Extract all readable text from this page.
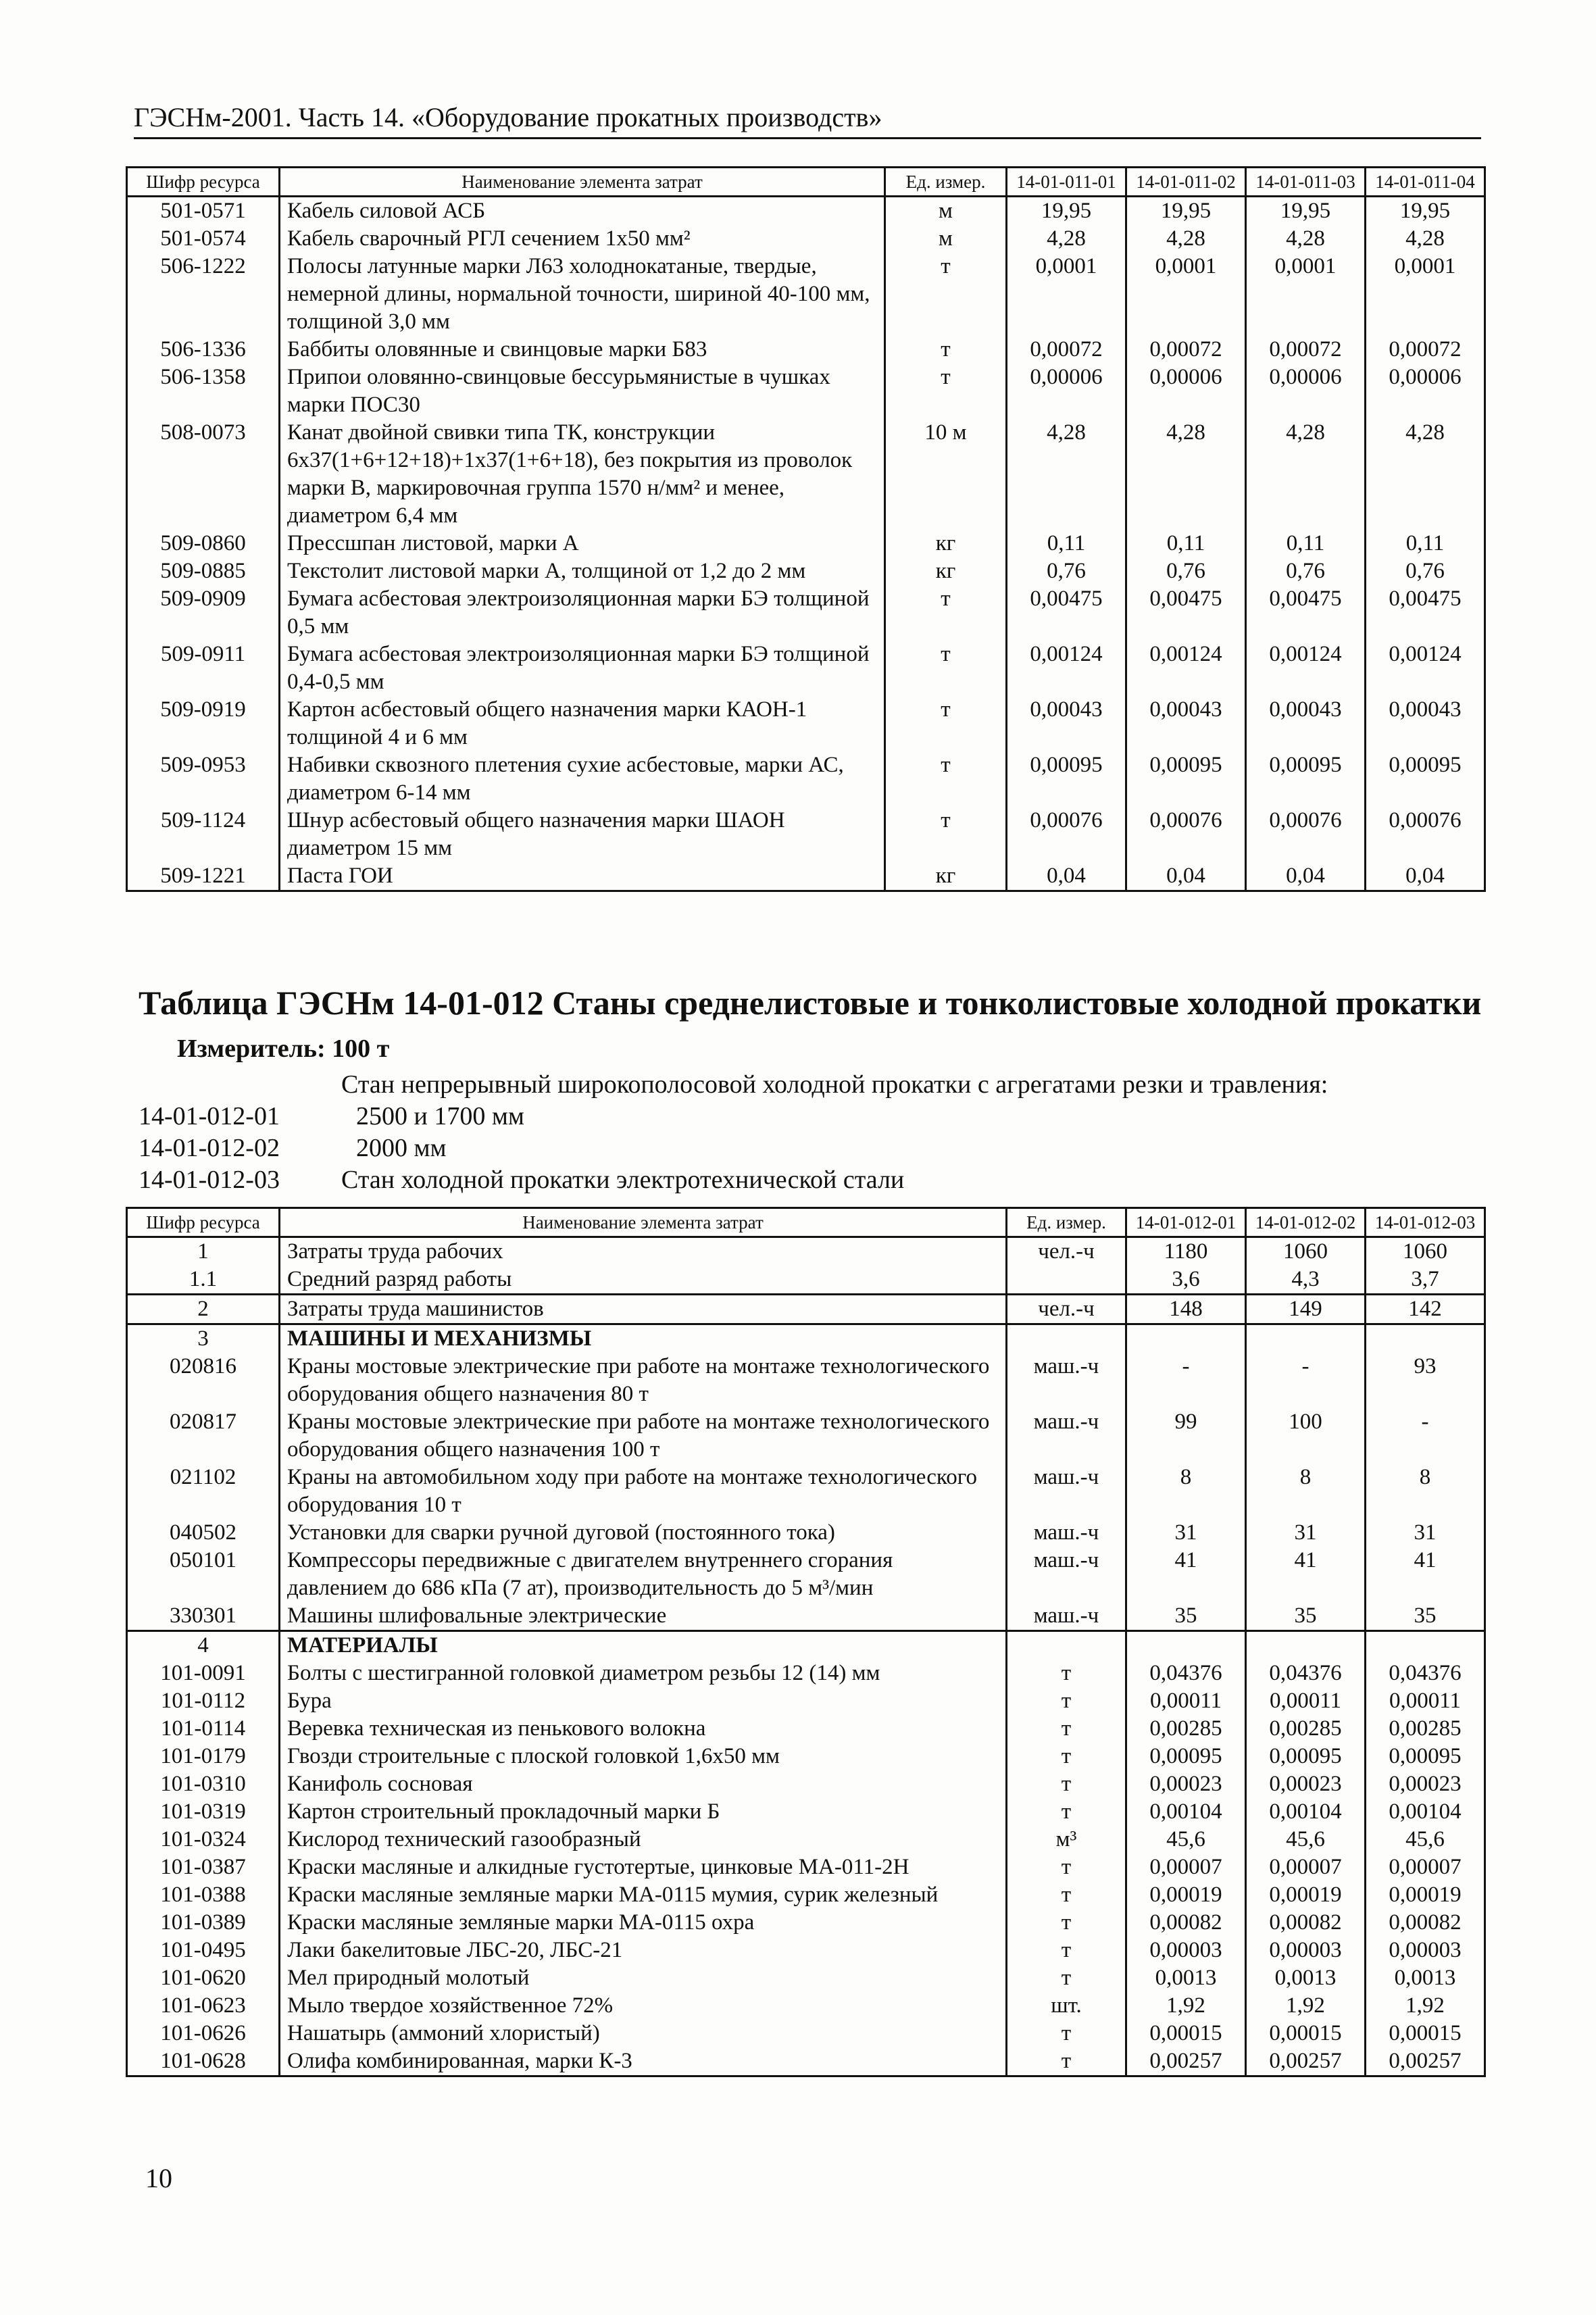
ГЭСНм-2001. Часть 14. «Оборудование прокатных производств»
Шифр ресурса	Наименование элемента затрат	Ед. измер.	14-01-011-01	14-01-011-02	14-01-011-03	14-01-011-04
501-0571	Кабель силовой АСБ	м	19,95	19,95	19,95	19,95
501-0574	Кабель сварочный РГЛ сечением 1х50 мм²	м	4,28	4,28	4,28	4,28
506-1222	Полосы латунные марки Л63 холоднокатаные, твердые, немерной длины, нормальной точности, шириной 40-100 мм, толщиной 3,0 мм	т	0,0001	0,0001	0,0001	0,0001
506-1336	Баббиты оловянные и свинцовые марки Б83	т	0,00072	0,00072	0,00072	0,00072
506-1358	Припои оловянно-свинцовые бессурьмянистые в чушках марки ПОС30	т	0,00006	0,00006	0,00006	0,00006
508-0073	Канат двойной свивки типа ТК, конструкции 6х37(1+6+12+18)+1х37(1+6+18), без покрытия из проволок марки В, маркировочная группа 1570 н/мм² и менее, диаметром 6,4 мм	10 м	4,28	4,28	4,28	4,28
509-0860	Прессшпан листовой, марки А	кг	0,11	0,11	0,11	0,11
509-0885	Текстолит листовой марки А, толщиной от 1,2 до 2 мм	кг	0,76	0,76	0,76	0,76
509-0909	Бумага асбестовая электроизоляционная марки БЭ толщиной 0,5 мм	т	0,00475	0,00475	0,00475	0,00475
509-0911	Бумага асбестовая электроизоляционная марки БЭ толщиной 0,4-0,5 мм	т	0,00124	0,00124	0,00124	0,00124
509-0919	Картон асбестовый общего назначения марки КАОН-1 толщиной 4 и 6 мм	т	0,00043	0,00043	0,00043	0,00043
509-0953	Набивки сквозного плетения сухие асбестовые, марки АС, диаметром 6-14 мм	т	0,00095	0,00095	0,00095	0,00095
509-1124	Шнур асбестовый общего назначения марки ШАОН диаметром 15 мм	т	0,00076	0,00076	0,00076	0,00076
509-1221	Паста ГОИ	кг	0,04	0,04	0,04	0,04
Таблица ГЭСНм 14-01-012 Станы среднелистовые и тонколистовые холодной прокатки
Измеритель: 100 т
Стан непрерывный широкополосовой холодной прокатки с агрегатами резки и травления:
14-01-012-01	2500 и 1700 мм
14-01-012-02	2000 мм
14-01-012-03 Стан холодной прокатки электротехнической стали
Шифр ресурса	Наименование элемента затрат	Ед. измер.	14-01-012-01	14-01-012-02	14-01-012-03
1	Затраты труда рабочих	чел.-ч	1180	1060	1060
1.1	Средний разряд работы		3,6	4,3	3,7
2	Затраты труда машинистов	чел.-ч	148	149	142
3	МАШИНЫ И МЕХАНИЗМЫ				
020816	Краны мостовые электрические при работе на монтаже технологического оборудования общего назначения 80 т	маш.-ч	-	-	93
020817	Краны мостовые электрические при работе на монтаже технологического оборудования общего назначения 100 т	маш.-ч	99	100	-
021102	Краны на автомобильном ходу при работе на монтаже технологического оборудования 10 т	маш.-ч	8	8	8
040502	Установки для сварки ручной дуговой (постоянного тока)	маш.-ч	31	31	31
050101	Компрессоры передвижные с двигателем внутреннего сгорания давлением до 686 кПа (7 ат), производительность до 5 м³/мин	маш.-ч	41	41	41
330301	Машины шлифовальные электрические	маш.-ч	35	35	35
4	МАТЕРИАЛЫ				
101-0091	Болты с шестигранной головкой диаметром резьбы 12 (14) мм	т	0,04376	0,04376	0,04376
101-0112	Бура	т	0,00011	0,00011	0,00011
101-0114	Веревка техническая из пенькового волокна	т	0,00285	0,00285	0,00285
101-0179	Гвозди строительные с плоской головкой 1,6х50 мм	т	0,00095	0,00095	0,00095
101-0310	Канифоль сосновая	т	0,00023	0,00023	0,00023
101-0319	Картон строительный прокладочный марки Б	т	0,00104	0,00104	0,00104
101-0324	Кислород технический газообразный	м³	45,6	45,6	45,6
101-0387	Краски масляные и алкидные густотертые, цинковые МА-011-2Н	т	0,00007	0,00007	0,00007
101-0388	Краски масляные земляные марки МА-0115 мумия, сурик железный	т	0,00019	0,00019	0,00019
101-0389	Краски масляные земляные марки МА-0115 охра	т	0,00082	0,00082	0,00082
101-0495	Лаки бакелитовые ЛБС-20, ЛБС-21	т	0,00003	0,00003	0,00003
101-0620	Мел природный молотый	т	0,0013	0,0013	0,0013
101-0623	Мыло твердое хозяйственное 72%	шт.	1,92	1,92	1,92
101-0626	Нашатырь (аммоний хлористый)	т	0,00015	0,00015	0,00015
101-0628	Олифа комбинированная, марки К-3	т	0,00257	0,00257	0,00257
10
